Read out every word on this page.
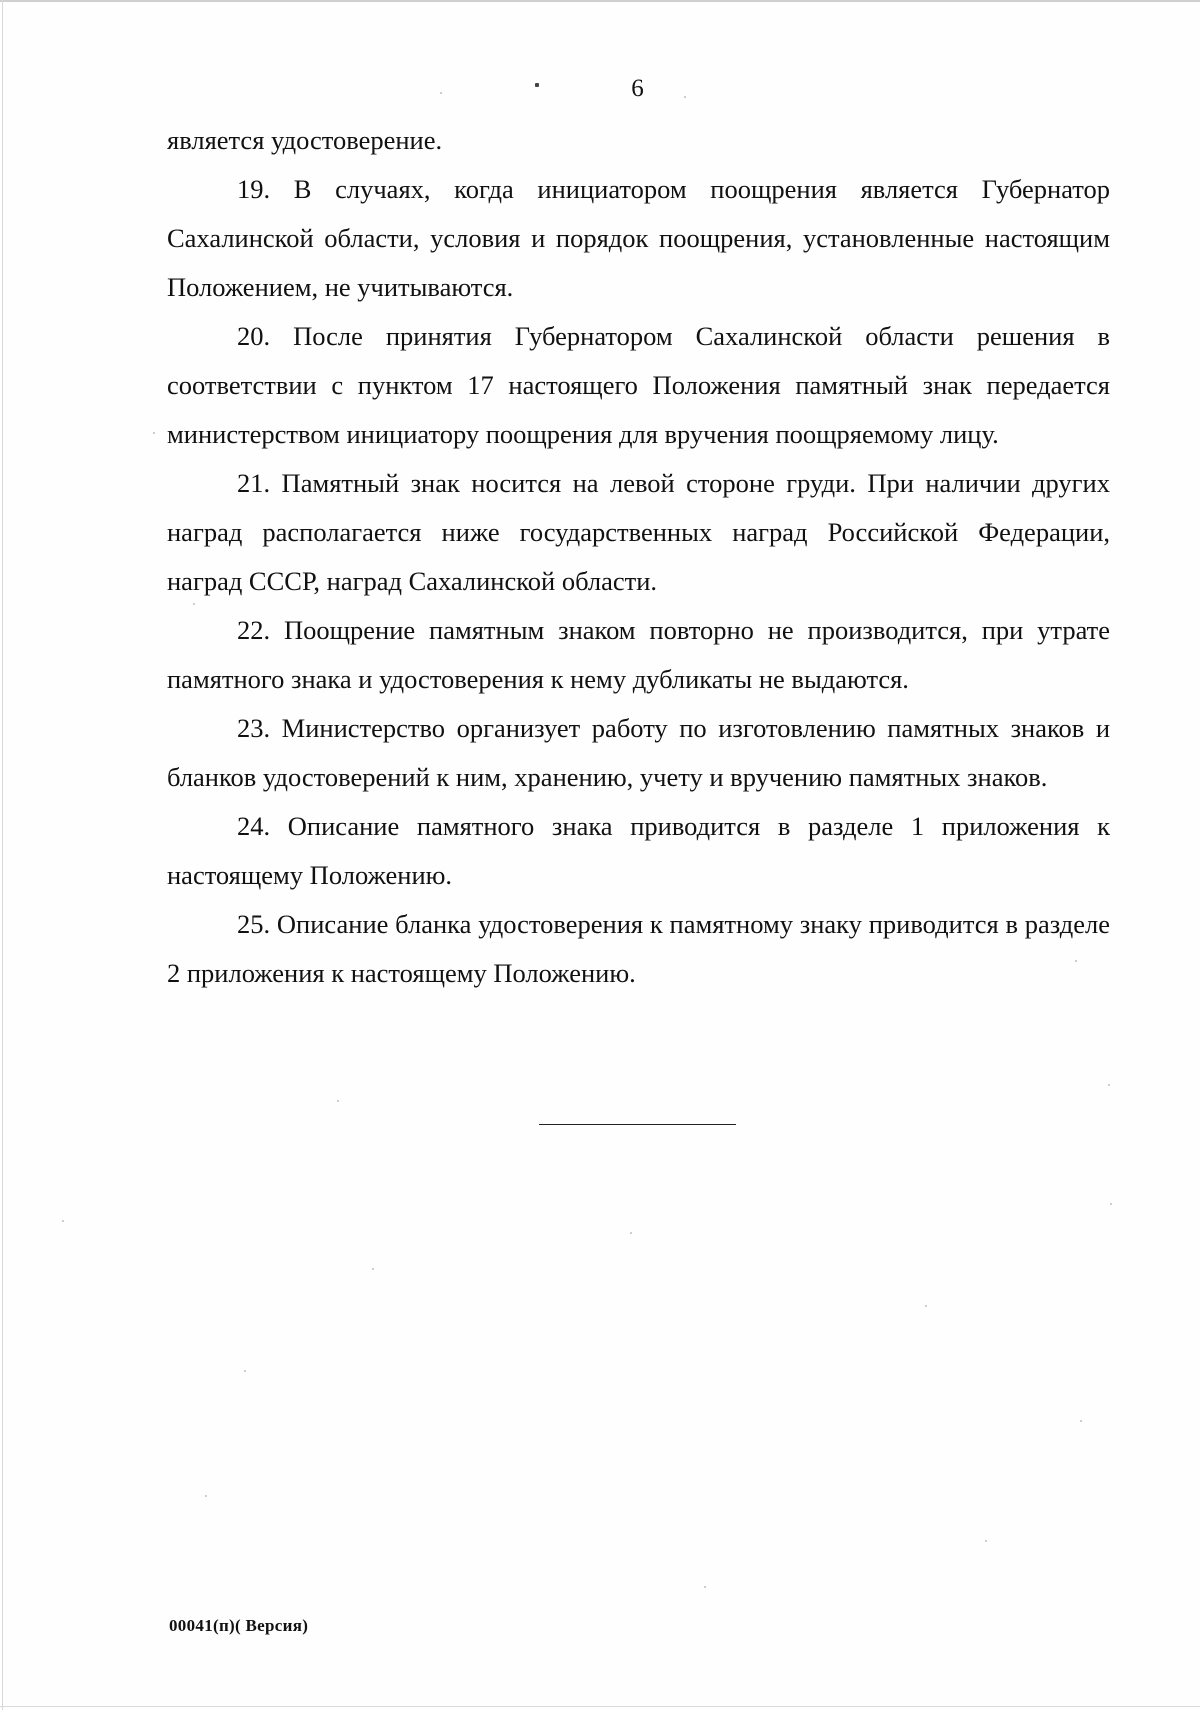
6

является удостоверение.

19. В случаях, когда инициатором поощрения является Губернатор Сахалинской области, условия и порядок поощрения, установленные настоящим Положением, не учитываются.

20. После принятия Губернатором Сахалинской области решения в соответствии с пунктом 17 настоящего Положения памятный знак передается министерством инициатору поощрения для вручения поощряемому лицу.

21. Памятный знак носится на левой стороне груди. При наличии других наград располагается ниже государственных наград Российской Федерации, наград СССР, наград Сахалинской области.

22. Поощрение памятным знаком повторно не производится, при утрате памятного знака и удостоверения к нему дубликаты не выдаются.

23. Министерство организует работу по изготовлению памятных знаков и бланков удостоверений к ним, хранению, учету и вручению памятных знаков.

24. Описание памятного знака приводится в разделе 1 приложения к настоящему Положению.

25. Описание бланка удостоверения к памятному знаку приводится в разделе 2 приложения к настоящему Положению.

00041(п)( Версия)
